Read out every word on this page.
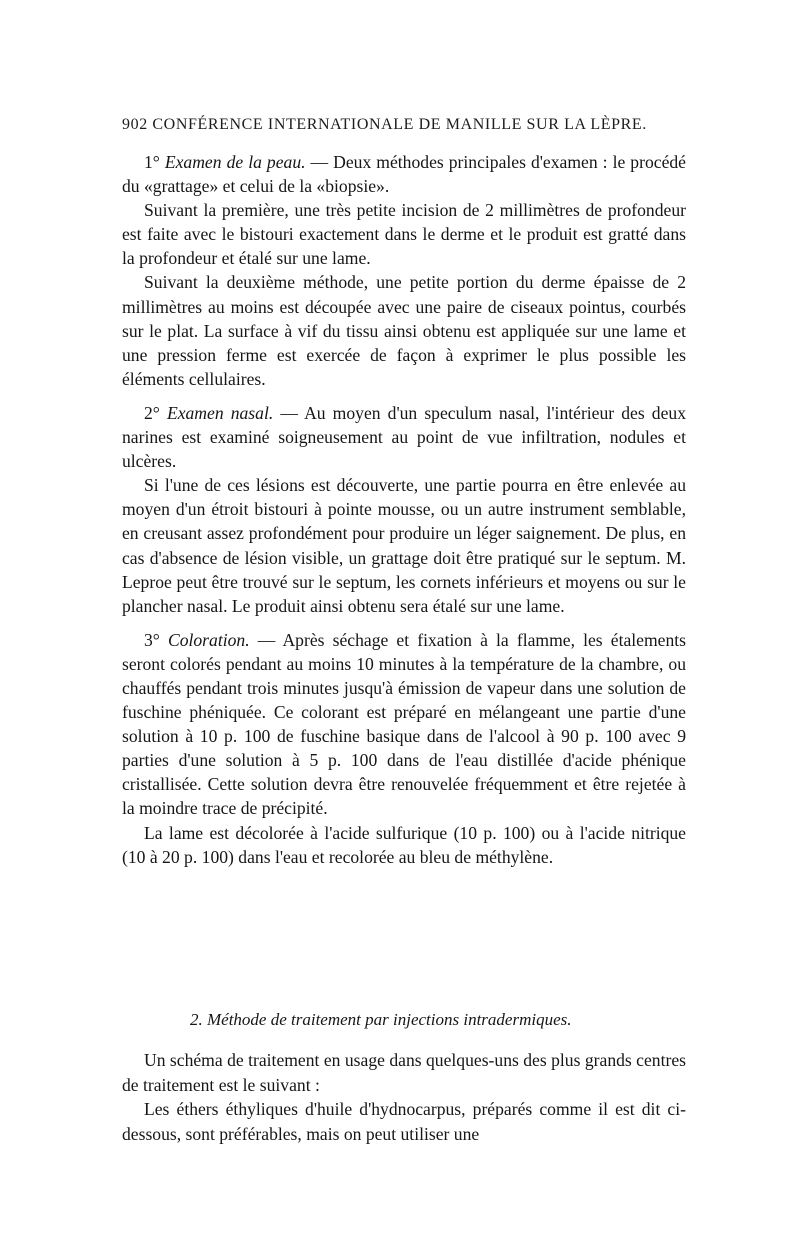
902 CONFÉRENCE INTERNATIONALE DE MANILLE SUR LA LÈPRE.

1° Examen de la peau. — Deux méthodes principales d'examen : le procédé du «grattage» et celui de la «biopsie».

Suivant la première, une très petite incision de 2 millimètres de profondeur est faite avec le bistouri exactement dans le derme et le produit est gratté dans la profondeur et étalé sur une lame.

Suivant la deuxième méthode, une petite portion du derme épaisse de 2 millimètres au moins est découpée avec une paire de ciseaux pointus, courbés sur le plat. La surface à vif du tissu ainsi obtenu est appliquée sur une lame et une pression ferme est exercée de façon à exprimer le plus possible les éléments cellulaires.

2° Examen nasal. — Au moyen d'un speculum nasal, l'intérieur des deux narines est examiné soigneusement au point de vue infiltration, nodules et ulcères.

Si l'une de ces lésions est découverte, une partie pourra en être enlevée au moyen d'un étroit bistouri à pointe mousse, ou un autre instrument semblable, en creusant assez profondément pour produire un léger saignement. De plus, en cas d'absence de lésion visible, un grattage doit être pratiqué sur le septum. M. Leproe peut être trouvé sur le septum, les cornets inférieurs et moyens ou sur le plancher nasal. Le produit ainsi obtenu sera étalé sur une lame.

3° Coloration. — Après séchage et fixation à la flamme, les étalements seront colorés pendant au moins 10 minutes à la température de la chambre, ou chauffés pendant trois minutes jusqu'à émission de vapeur dans une solution de fuschine phéniquée. Ce colorant est préparé en mélangeant une partie d'une solution à 10 p. 100 de fuschine basique dans de l'alcool à 90 p. 100 avec 9 parties d'une solution à 5 p. 100 dans de l'eau distillée d'acide phénique cristallisée. Cette solution devra être renouvelée fréquemment et être rejetée à la moindre trace de précipité.

La lame est décolorée à l'acide sulfurique (10 p. 100) ou à l'acide nitrique (10 à 20 p. 100) dans l'eau et recolorée au bleu de méthylène.

2. Méthode de traitement par injections intradermiques.

Un schéma de traitement en usage dans quelques-uns des plus grands centres de traitement est le suivant :

Les éthers éthyliques d'huile d'hydnocarpus, préparés comme il est dit ci-dessous, sont préférables, mais on peut utiliser une
